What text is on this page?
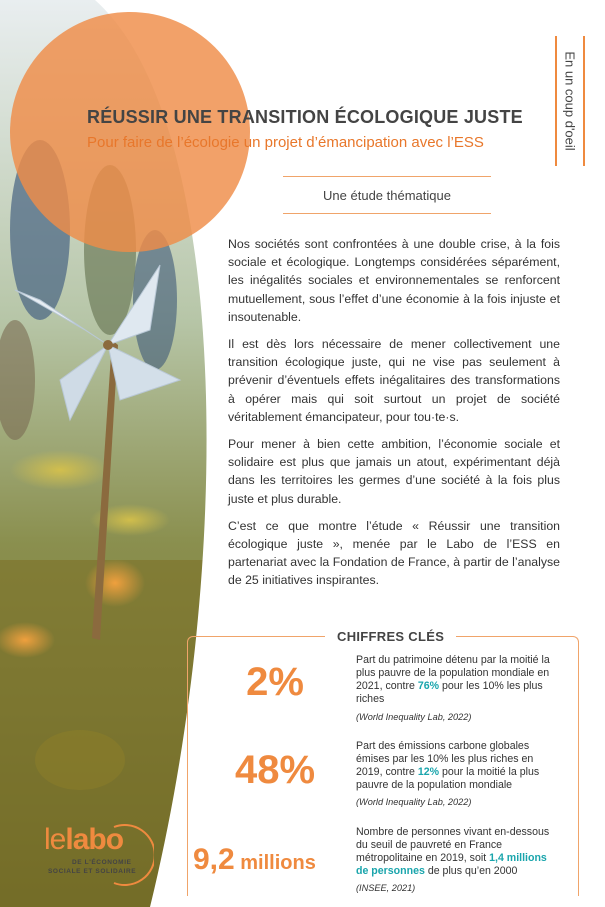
En un coup d'oeil
RÉUSSIR UNE TRANSITION ÉCOLOGIQUE JUSTE
Pour faire de l’écologie un projet d’émancipation avec l’ESS
Une étude thématique

Nos sociétés sont confrontées à une double crise, à la fois sociale et écologique. Longtemps considérées séparément, les inégalités sociales et environnementales se renforcent mutuellement, sous l’effet d’une économie à la fois injuste et insoutenable.

Il est dès lors nécessaire de mener collectivement une transition écologique juste, qui ne vise pas seulement à prévenir d’éventuels effets inégalitaires des transformations à opérer mais qui soit surtout un projet de société véritablement émancipateur, pour tou·te·s.

Pour mener à bien cette ambition, l’économie sociale et solidaire est plus que jamais un atout, expérimentant déjà dans les territoires les germes d’une société à la fois plus juste et plus durable.

C’est ce que montre l’étude « Réussir une transition écologique juste », menée par le Labo de l’ESS en partenariat avec la Fondation de France, à partir de l’analyse de 25 initiatives inspirantes.

CHIFFRES CLÉS
2%	Part du patrimoine détenu par la moitié la plus pauvre de la population mondiale en 2021, contre 76% pour les 10% les plus riches
(World Inequality Lab, 2022)
48%
Part des émissions carbone globales émises par les 10% les plus riches en 2019, contre 12% pour la moitié la plus pauvre de la population mondiale
(World Inequality Lab, 2022)
9,2 millions
Nombre de personnes vivant en-dessous du seuil de pauvreté en France métropolitaine en 2019, soit 1,4 millions de personnes de plus qu’en 2000
(INSEE, 2021)
lelabo
DE L'ÉCONOMIE
SOCIALE ET SOLIDAIRE
